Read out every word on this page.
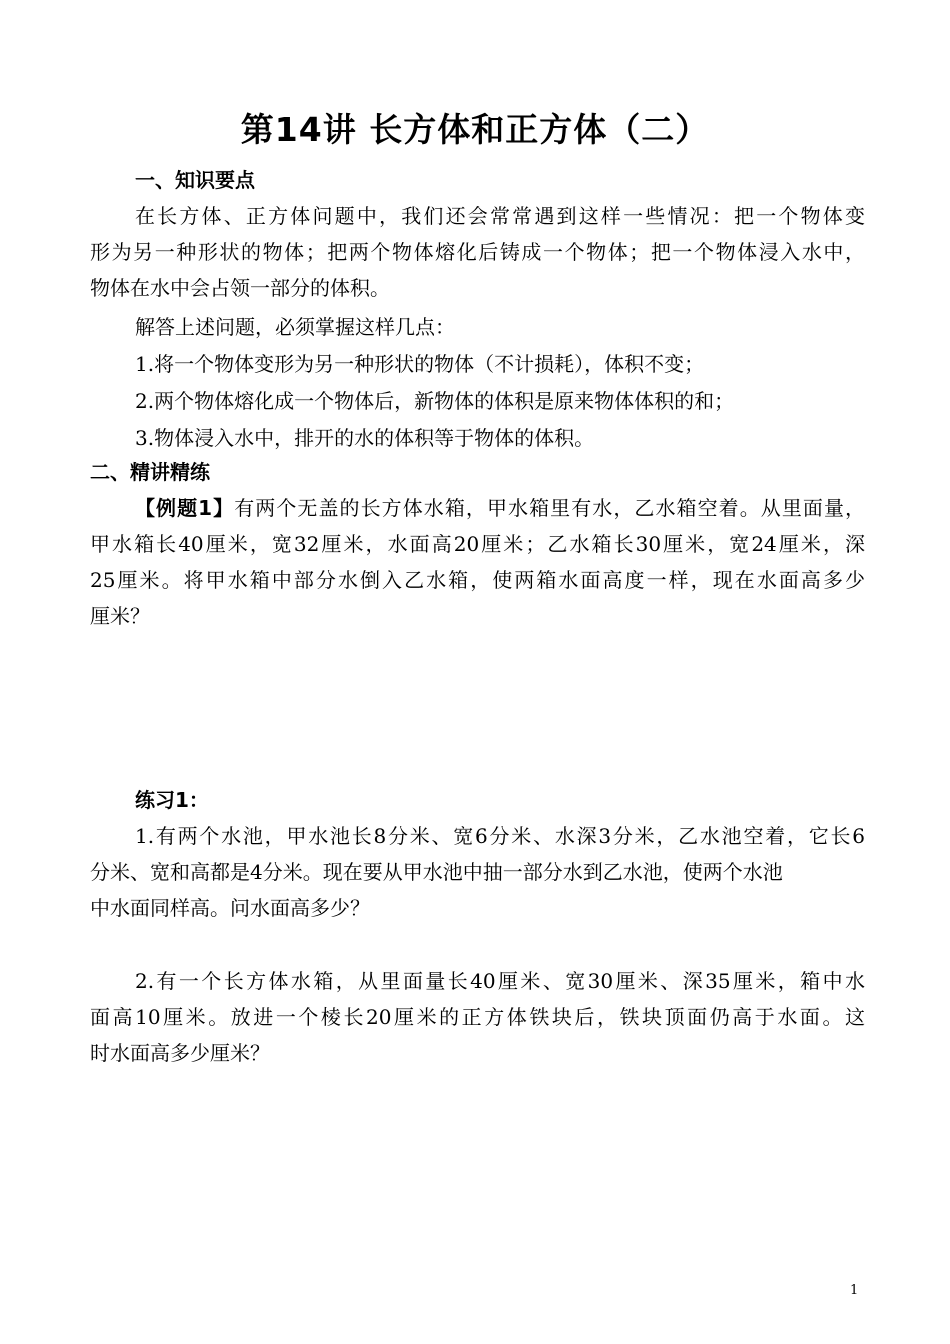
第14讲 长方体和正方体（二）
一、知识要点
在长方体、正方体问题中，我们还会常常遇到这样一些情况：把一个物体变
形为另一种形状的物体；把两个物体熔化后铸成一个物体；把一个物体浸入水中，
物体在水中会占领一部分的体积。
解答上述问题，必须掌握这样几点：
1.将一个物体变形为另一种形状的物体（不计损耗），体积不变；
2.两个物体熔化成一个物体后，新物体的体积是原来物体体积的和；
3.物体浸入水中，排开的水的体积等于物体的体积。
二、精讲精练
【例题1】有两个无盖的长方体水箱，甲水箱里有水，乙水箱空着。从里面量，
甲水箱长40厘米，宽32厘米，水面高20厘米；乙水箱长30厘米，宽24厘米，深
25厘米。将甲水箱中部分水倒入乙水箱，使两箱水面高度一样，现在水面高多少
厘米？
练习1：
1.有两个水池，甲水池长8分米、宽6分米、水深3分米，乙水池空着，它长6
分米、宽和高都是4分米。现在要从甲水池中抽一部分水到乙水池，使两个水池
中水面同样高。问水面高多少？
2.有一个长方体水箱，从里面量长40厘米、宽30厘米、深35厘米，箱中水
面高10厘米。放进一个棱长20厘米的正方体铁块后，铁块顶面仍高于水面。这
时水面高多少厘米？
1
